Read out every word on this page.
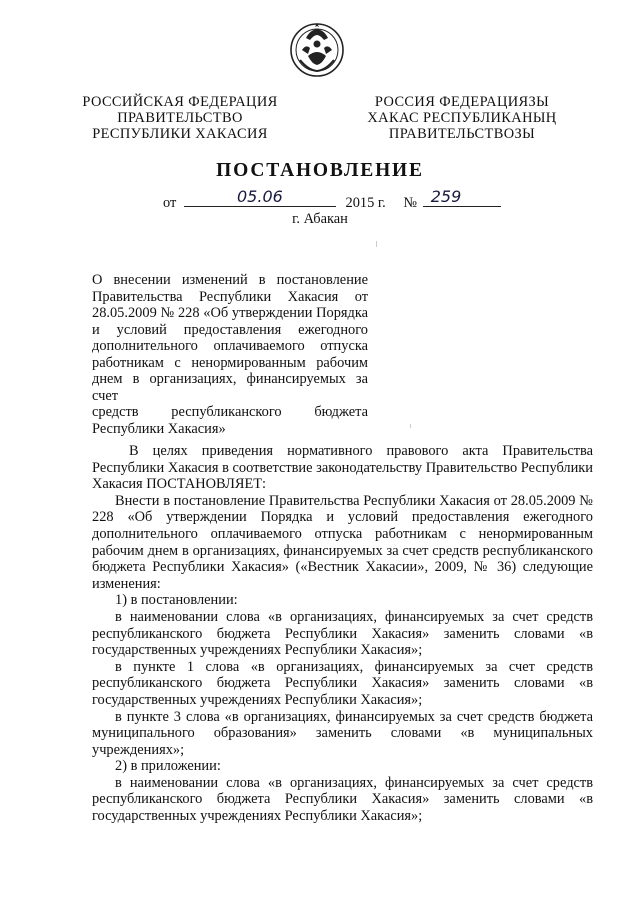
РОССИЙСКАЯ ФЕДЕРАЦИЯ
ПРАВИТЕЛЬСТВО
РЕСПУБЛИКИ ХАКАСИЯ
РОССИЯ ФЕДЕРАЦИЯЗЫ
ХАКАС РЕСПУБЛИКАНЫҢ
ПРАВИТЕЛЬСТВОЗЫ
ПОСТАНОВЛЕНИЕ
от	05.06	2015 г. № 259
г. Абакан
О внесении изменений в постановление
Правительства Республики Хакасия от
28.05.2009 № 228 «Об утверждении Порядка
и условий предоставления ежегодного
дополнительного оплачиваемого отпуска
работникам с ненормированным рабочим
днем в организациях, финансируемых за счет
средств республиканского бюджета
Республики Хакасия»

В целях приведения нормативного правового акта Правительства Республики Хакасия в соответствие законодательству Правительство Республики Хакасия ПОСТАНОВЛЯЕТ:

Внести в постановление Правительства Республики Хакасия от 28.05.2009 № 228 «Об утверждении Порядка и условий предоставления ежегодного дополнительного оплачиваемого отпуска работникам с ненормированным рабочим днем в организациях, финансируемых за счет средств республиканского бюджета Республики Хакасия» («Вестник Хакасии», 2009, № 36) следующие изменения:

1) в постановлении:

в наименовании слова «в организациях, финансируемых за счет средств республиканского бюджета Республики Хакасия» заменить словами «в государственных учреждениях Республики Хакасия»;

в пункте 1 слова «в организациях, финансируемых за счет средств республиканского бюджета Республики Хакасия» заменить словами «в государственных учреждениях Республики Хакасия»;

в пункте 3 слова «в организациях, финансируемых за счет средств бюджета муниципального образования» заменить словами «в муниципальных учреждениях»;

2) в приложении:

в наименовании слова «в организациях, финансируемых за счет средств республиканского бюджета Республики Хакасия» заменить словами «в государственных учреждениях Республики Хакасия»;
